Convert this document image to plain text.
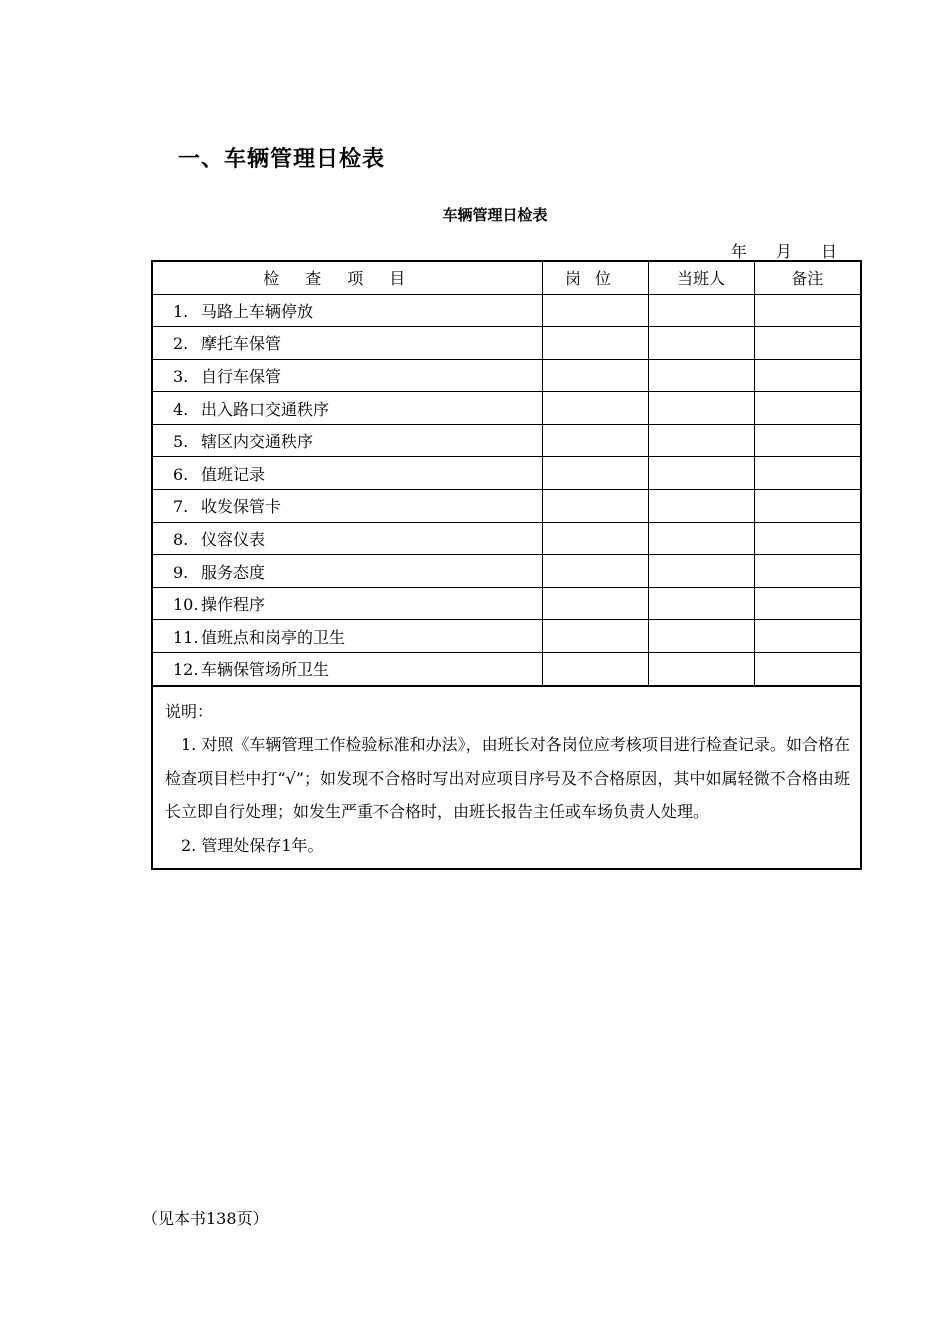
一、车辆管理日检表
车辆管理日检表
年 月 日
检查项目	岗位	当班人	备注
1. 马路上车辆停放			
2. 摩托车保管			
3. 自行车保管			
4. 出入路口交通秩序			
5. 辖区内交通秩序			
6. 值班记录			
7. 收发保管卡			
8. 仪容仪表			
9. 服务态度			
10. 操作程序			
11. 值班点和岗亭的卫生			
12. 车辆保管场所卫生			

说明：

1. 对照《车辆管理工作检验标准和办法》，由班长对各岗位应考核项目进行检查记录。如合格在检查项目栏中打“√”；如发现不合格时写出对应项目序号及不合格原因，其中如属轻微不合格由班长立即自行处理；如发生严重不合格时，由班长报告主任或车场负责人处理。

2. 管理处保存1年。

（见本书138页）
